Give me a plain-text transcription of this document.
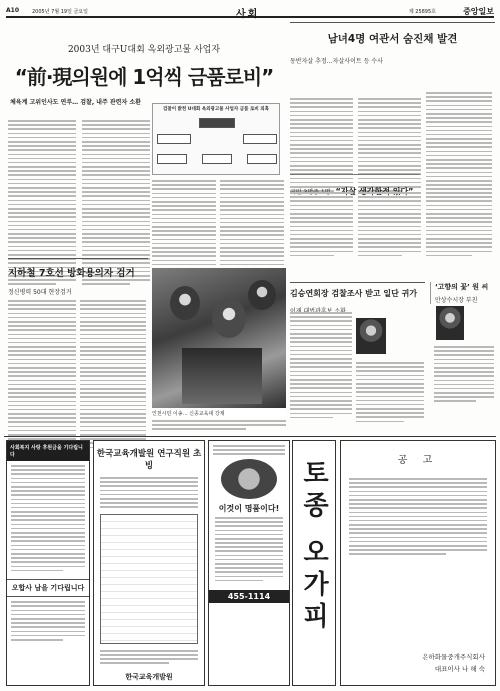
A10	2005년 7월 19일 금요일	사회	제 25895호	중앙일보
2003년 대구U대회 옥외광고물 사업자
“前·現의원에 1억씩 금품로비”
체육계 고위인사도 연루… 검찰, 내주 관련자 소환
검찰이 밝힌 U대회 옥외광고물 사업자 금품 로비 의혹
남녀4명 여관서 숨진채 발견
동반자살 추정…자살사이트 등 수사
지하철 7호선 방화용의자 검거
정신병력 50대 현장검거
인천시민 이송… 신종교육대 강제
김승연회장 검찰조사 받고 일단 귀가
‘고향의 꽃’ 원 씨
안상수시장 부친
사회복지 사랑 후원금을 기다립니다
오합사 남을 기다립니다
한국교육개발원 연구직원 초빙
한국교육개발원
이것이 명품이다!
455-1114	토종 오가피	공 고
은하화물중개주식회사
대표이사 나 해 숙
